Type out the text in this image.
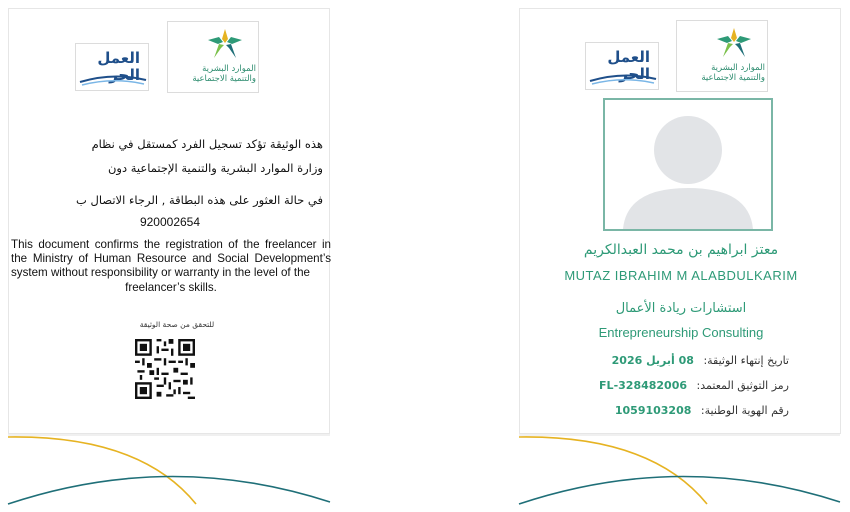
العمل
الحر	الموارد البشرية
والتنمية الاجتماعية
هذه الوثيقة تؤكد تسجيل الفرد كمستقل في نظام
وزارة الموارد البشرية والتنمية الإجتماعية دون
في حالة العثور على هذه البطاقة , الرجاء الاتصال ب
920002654
This document confirms the registration of the freelancer in the Ministry of Human Resource and Social Development’s system without responsibility or warranty in the level of the
freelancer’s skills.
للتحقق من صحة الوثيقة
العمل
الحر	الموارد البشرية
والتنمية الاجتماعية
معتز ابراهيم بن محمد العبدالكريم
MUTAZ IBRAHIM M ALABDULKARIM
استشارات ريادة الأعمال
Entrepreneurship Consulting
تاريخ إنتهاء الوثيقة: 08 أبريل 2026
رمز التوثيق المعتمد: FL-328482006
رقم الهوية الوطنية: 1059103208
